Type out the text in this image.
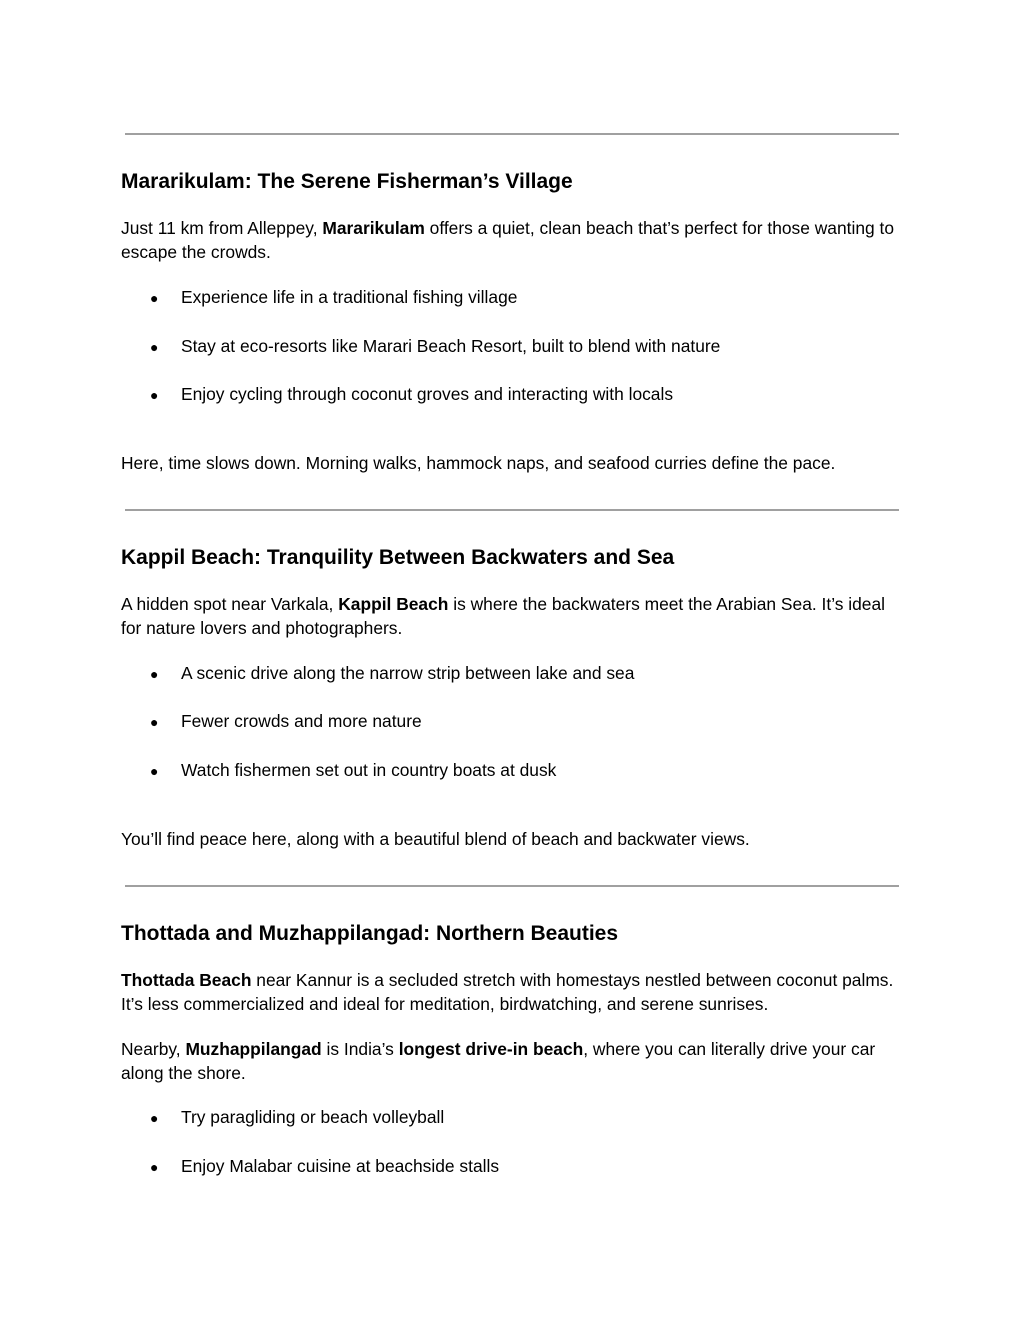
Mararikulam: The Serene Fisherman’s Village

Just 11 km from Alleppey, Mararikulam offers a quiet, clean beach that’s perfect for those wanting to escape the crowds.

● Experience life in a traditional fishing village
● Stay at eco-resorts like Marari Beach Resort, built to blend with nature
● Enjoy cycling through coconut groves and interacting with locals

Here, time slows down. Morning walks, hammock naps, and seafood curries define the pace.

Kappil Beach: Tranquility Between Backwaters and Sea

A hidden spot near Varkala, Kappil Beach is where the backwaters meet the Arabian Sea. It’s ideal for nature lovers and photographers.

● A scenic drive along the narrow strip between lake and sea
● Fewer crowds and more nature
● Watch fishermen set out in country boats at dusk

You’ll find peace here, along with a beautiful blend of beach and backwater views.

Thottada and Muzhappilangad: Northern Beauties

Thottada Beach near Kannur is a secluded stretch with homestays nestled between coconut palms. It’s less commercialized and ideal for meditation, birdwatching, and serene sunrises.

Nearby, Muzhappilangad is India’s longest drive-in beach, where you can literally drive your car along the shore.

● Try paragliding or beach volleyball
● Enjoy Malabar cuisine at beachside stalls
